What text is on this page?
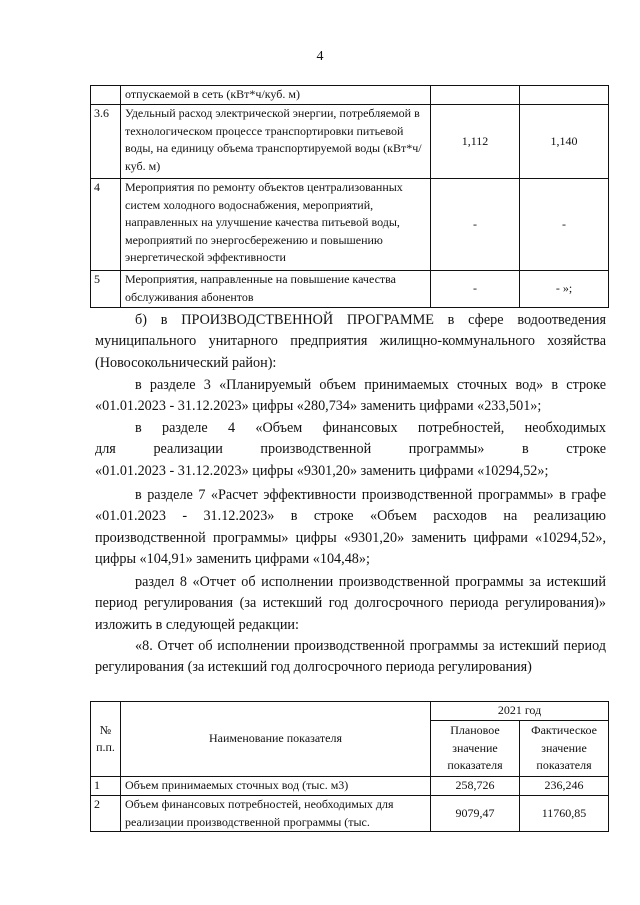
4
	отпускаемой в сеть (кВт*ч/куб. м)		
3.6	Удельный расход электрической энергии, потребляемой в технологическом процессе транспортировки питьевой воды, на единицу объема транспортируемой воды (кВт*ч/куб. м)	1,112	1,140
4	Мероприятия по ремонту объектов централизованных систем холодного водоснабжения, мероприятий, направленных на улучшение качества питьевой воды, мероприятий по энергосбережению и повышению энергетической эффективности	-	-
5	Мероприятия, направленные на повышение качества обслуживания абонентов	-	- »;

б) в ПРОИЗВОДСТВЕННОЙ ПРОГРАММЕ в сфере водоотведения муниципального унитарного предприятия жилищно-коммунального хозяйства (Новосокольнический район):

в разделе 3 «Планируемый объем принимаемых сточных вод» в строке «01.01.2023 - 31.12.2023» цифры «280,734» заменить цифрами «233,501»;

в разделе 4 «Объем финансовых потребностей, необходимых

для реализации производственной программы» в строке

«01.01.2023 - 31.12.2023» цифры «9301,20» заменить цифрами «10294,52»;

в разделе 7 «Расчет эффективности производственной программы» в графе «01.01.2023 - 31.12.2023» в строке «Объем расходов на реализацию производственной программы» цифры «9301,20» заменить цифрами «10294,52», цифры «104,91» заменить цифрами «104,48»;

раздел 8 «Отчет об исполнении производственной программы за истекший период регулирования (за истекший год долгосрочного периода регулирования)» изложить в следующей редакции:

«8. Отчет об исполнении производственной программы за истекший период регулирования (за истекший год долгосрочного периода регулирования)

№ п.п.	Наименование показателя	2021 год	
		Плановое значение показателя	Фактическое значение показателя
1	Объем принимаемых сточных вод (тыс. м3)	258,726	236,246
2	Объем финансовых потребностей, необходимых для реализации производственной программы (тыс.	9079,47	11760,85
